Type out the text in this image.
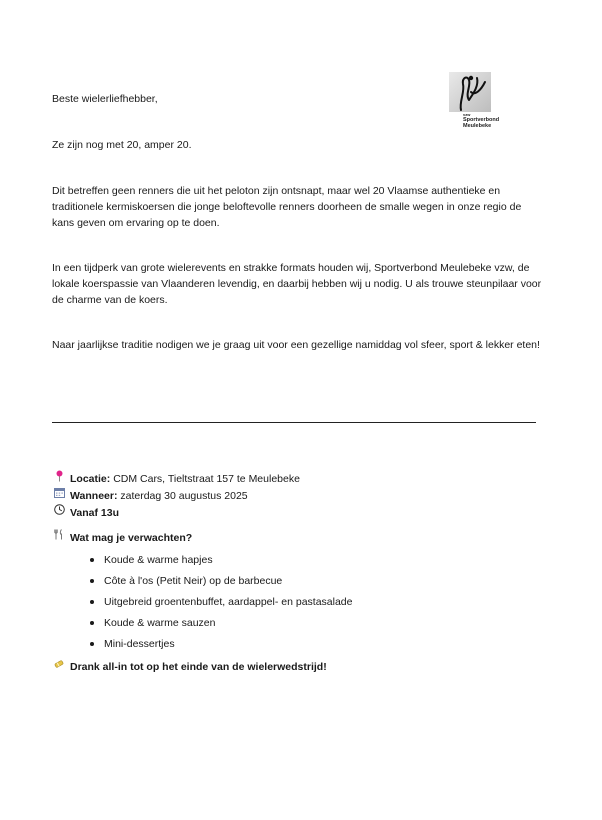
vzw
Sportverbond
Meulebeke

Beste wielerliefhebber,

Ze zijn nog met 20, amper 20.

Dit betreffen geen renners die uit het peloton zijn ontsnapt, maar wel 20 Vlaamse authentieke en traditionele kermiskoersen die jonge beloftevolle renners doorheen de smalle wegen in onze regio de kans geven om ervaring op te doen.

In een tijdperk van grote wielerevents en strakke formats houden wij, Sportverbond Meulebeke vzw, de lokale koerspassie van Vlaanderen levendig, en daarbij hebben wij u nodig. U als trouwe steunpilaar voor de charme van de koers.

Naar jaarlijkse traditie nodigen we je graag uit voor een gezellige namiddag vol sfeer, sport & lekker eten!

Locatie:
CDM Cars, Tieltstraat 157 te Meulebeke
Wanneer:
zaterdag 30 augustus 2025
Vanaf 13u
Wat mag je verwachten?
Koude & warme hapjes
Côte à l'os (Petit Neir) op de barbecue
Uitgebreid groentenbuffet, aardappel- en pastasalade
Koude & warme sauzen
Mini-dessertjes
Drank all-in tot op het einde van de wielerwedstrijd!
